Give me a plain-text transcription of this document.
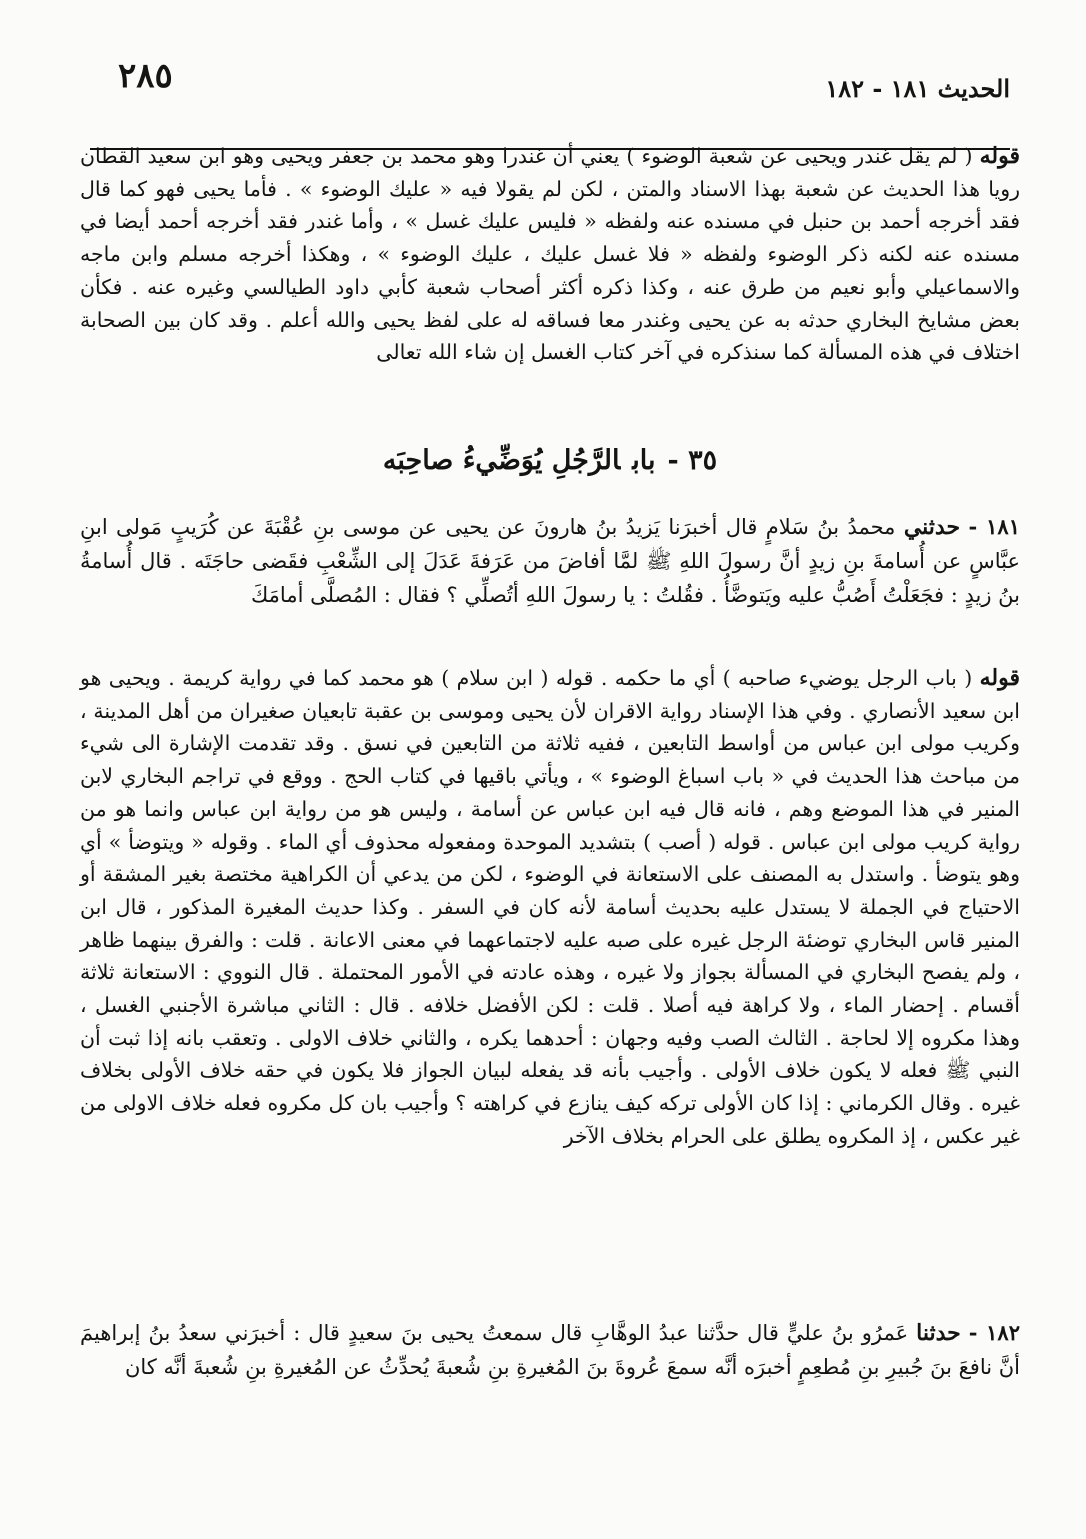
٢٨٥	الحديث ١٨١ - ١٨٢

قوله ( لم يقل غندر ويحيى عن شعبة الوضوء ) يعني أن غندرا وهو محمد بن جعفر ويحيى وهو ابن سعيد القطان رويا هذا الحديث عن شعبة بهذا الاسناد والمتن ، لكن لم يقولا فيه « عليك الوضوء » . فأما يحيى فهو كما قال فقد أخرجه أحمد بن حنبل في مسنده عنه ولفظه « فليس عليك غسل » ، وأما غندر فقد أخرجه أحمد أيضا في مسنده عنه لكنه ذكر الوضوء ولفظه « فلا غسل عليك ، عليك الوضوء » ، وهكذا أخرجه مسلم وابن ماجه والاسماعيلي وأبو نعيم من طرق عنه ، وكذا ذكره أكثر أصحاب شعبة كأبي داود الطيالسي وغيره عنه . فكأن بعض مشايخ البخاري حدثه به عن يحيى وغندر معا فساقه له على لفظ يحيى والله أعلم . وقد كان بين الصحابة اختلاف في هذه المسألة كما سنذكره في آخر كتاب الغسل إن شاء الله تعالى

٣٥ -بابالرَّجُلِ يُوَضِّيءُ صاحِبَه

١٨١ - حدثني محمدُ بنُ سَلامٍ قال أخبرَنا يَزيدُ بنُ هارونَ عن يحيى عن موسى بنِ عُقْبَةَ عن كُرَيبٍ مَولى ابنِ عبَّاسٍ عن أُسامةَ بنِ زيدٍ أنَّ رسولَ اللهِ ﷺ لمَّا أفاضَ من عَرَفةَ عَدَلَ إلى الشِّعْبِ فقَضى حاجَتَه . قال أُسامةُ بنُ زيدٍ : فجَعَلْتُ أَصُبُّ عليه ويَتوضَّأُ . فقُلتُ : يا رسولَ اللهِ أتُصلِّي ؟ فقال : المُصلَّى أمامَكَ

قوله ( باب الرجل يوضيء صاحبه ) أي ما حكمه . قوله ( ابن سلام ) هو محمد كما في رواية كريمة . ويحيى هو ابن سعيد الأنصاري . وفي هذا الإسناد رواية الاقران لأن يحيى وموسى بن عقبة تابعيان صغيران من أهل المدينة ، وكريب مولى ابن عباس من أواسط التابعين ، ففيه ثلاثة من التابعين في نسق . وقد تقدمت الإشارة الى شيء من مباحث هذا الحديث في « باب اسباغ الوضوء » ، ويأتي باقيها في كتاب الحج . ووقع في تراجم البخاري لابن المنير في هذا الموضع وهم ، فانه قال فيه ابن عباس عن أسامة ، وليس هو من رواية ابن عباس وانما هو من رواية كريب مولى ابن عباس . قوله ( أصب ) بتشديد الموحدة ومفعوله محذوف أي الماء . وقوله « ويتوضأ » أي وهو يتوضأ . واستدل به المصنف على الاستعانة في الوضوء ، لكن من يدعي أن الكراهية مختصة بغير المشقة أو الاحتياج في الجملة لا يستدل عليه بحديث أسامة لأنه كان في السفر . وكذا حديث المغيرة المذكور ، قال ابن المنير قاس البخاري توضئة الرجل غيره على صبه عليه لاجتماعهما في معنى الاعانة . قلت : والفرق بينهما ظاهر ، ولم يفصح البخاري في المسألة بجواز ولا غيره ، وهذه عادته في الأمور المحتملة . قال النووي : الاستعانة ثلاثة أقسام . إحضار الماء ، ولا كراهة فيه أصلا . قلت : لكن الأفضل خلافه . قال : الثاني مباشرة الأجنبي الغسل ، وهذا مكروه إلا لحاجة . الثالث الصب وفيه وجهان : أحدهما يكره ، والثاني خلاف الاولى . وتعقب بانه إذا ثبت أن النبي ﷺ فعله لا يكون خلاف الأولى . وأجيب بأنه قد يفعله لبيان الجواز فلا يكون في حقه خلاف الأولى بخلاف غيره . وقال الكرماني : إذا كان الأولى تركه كيف ينازع في كراهته ؟ وأجيب بان كل مكروه فعله خلاف الاولى من غير عكس ، إذ المكروه يطلق على الحرام بخلاف الآخر

١٨٢ - حدثنا عَمرُو بنُ عليٍّ قال حدَّثنا عبدُ الوهَّابِ قال سمعتُ يحيى بنَ سعيدٍ قال : أخبرَني سعدُ بنُ إبراهيمَ أنَّ نافعَ بنَ جُبيرِ بنِ مُطعِمٍ أخبرَه أنَّه سمعَ عُروةَ بنَ المُغيرةِ بنِ شُعبةَ يُحدِّثُ عن المُغيرةِ بنِ شُعبةَ أنَّه كان
